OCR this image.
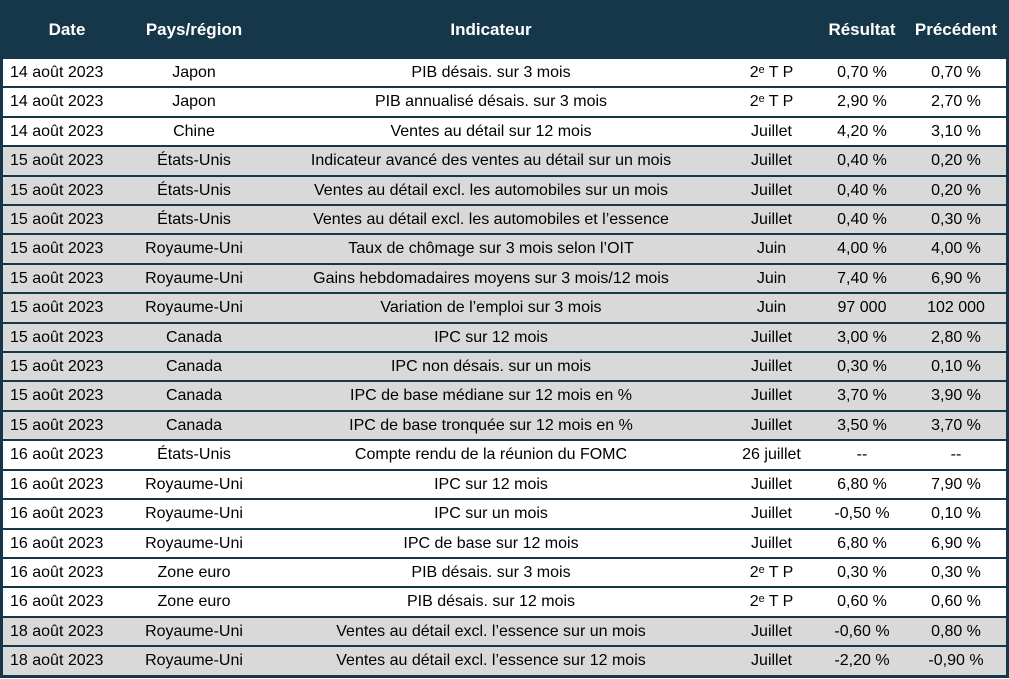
Date	Pays/région	Indicateur		Résultat	Précédent
14 août 2023	Japon	PIB désais. sur 3 mois	2ᵉ T P	0,70 %	0,70 %
14 août 2023	Japon	PIB annualisé désais. sur 3 mois	2ᵉ T P	2,90 %	2,70 %
14 août 2023	Chine	Ventes au détail sur 12 mois	Juillet	4,20 %	3,10 %
15 août 2023	États-Unis	Indicateur avancé des ventes au détail sur un mois	Juillet	0,40 %	0,20 %
15 août 2023	États-Unis	Ventes au détail excl. les automobiles sur un mois	Juillet	0,40 %	0,20 %
15 août 2023	États-Unis	Ventes au détail excl. les automobiles et l’essence	Juillet	0,40 %	0,30 %
15 août 2023	Royaume-Uni	Taux de chômage sur 3 mois selon l’OIT	Juin	4,00 %	4,00 %
15 août 2023	Royaume-Uni	Gains hebdomadaires moyens sur 3 mois/12 mois	Juin	7,40 %	6,90 %
15 août 2023	Royaume-Uni	Variation de l’emploi sur 3 mois	Juin	97 000	102 000
15 août 2023	Canada	IPC sur 12 mois	Juillet	3,00 %	2,80 %
15 août 2023	Canada	IPC non désais. sur un mois	Juillet	0,30 %	0,10 %
15 août 2023	Canada	IPC de base médiane sur 12 mois en %	Juillet	3,70 %	3,90 %
15 août 2023	Canada	IPC de base tronquée sur 12 mois en %	Juillet	3,50 %	3,70 %
16 août 2023	États-Unis	Compte rendu de la réunion du FOMC	26 juillet	--	--
16 août 2023	Royaume-Uni	IPC sur 12 mois	Juillet	6,80 %	7,90 %
16 août 2023	Royaume-Uni	IPC sur un mois	Juillet	-0,50 %	0,10 %
16 août 2023	Royaume-Uni	IPC de base sur 12 mois	Juillet	6,80 %	6,90 %
16 août 2023	Zone euro	PIB désais. sur 3 mois	2ᵉ T P	0,30 %	0,30 %
16 août 2023	Zone euro	PIB désais. sur 12 mois	2ᵉ T P	0,60 %	0,60 %
18 août 2023	Royaume-Uni	Ventes au détail excl. l’essence sur un mois	Juillet	-0,60 %	0,80 %
18 août 2023	Royaume-Uni	Ventes au détail excl. l’essence sur 12 mois	Juillet	-2,20 %	-0,90 %
